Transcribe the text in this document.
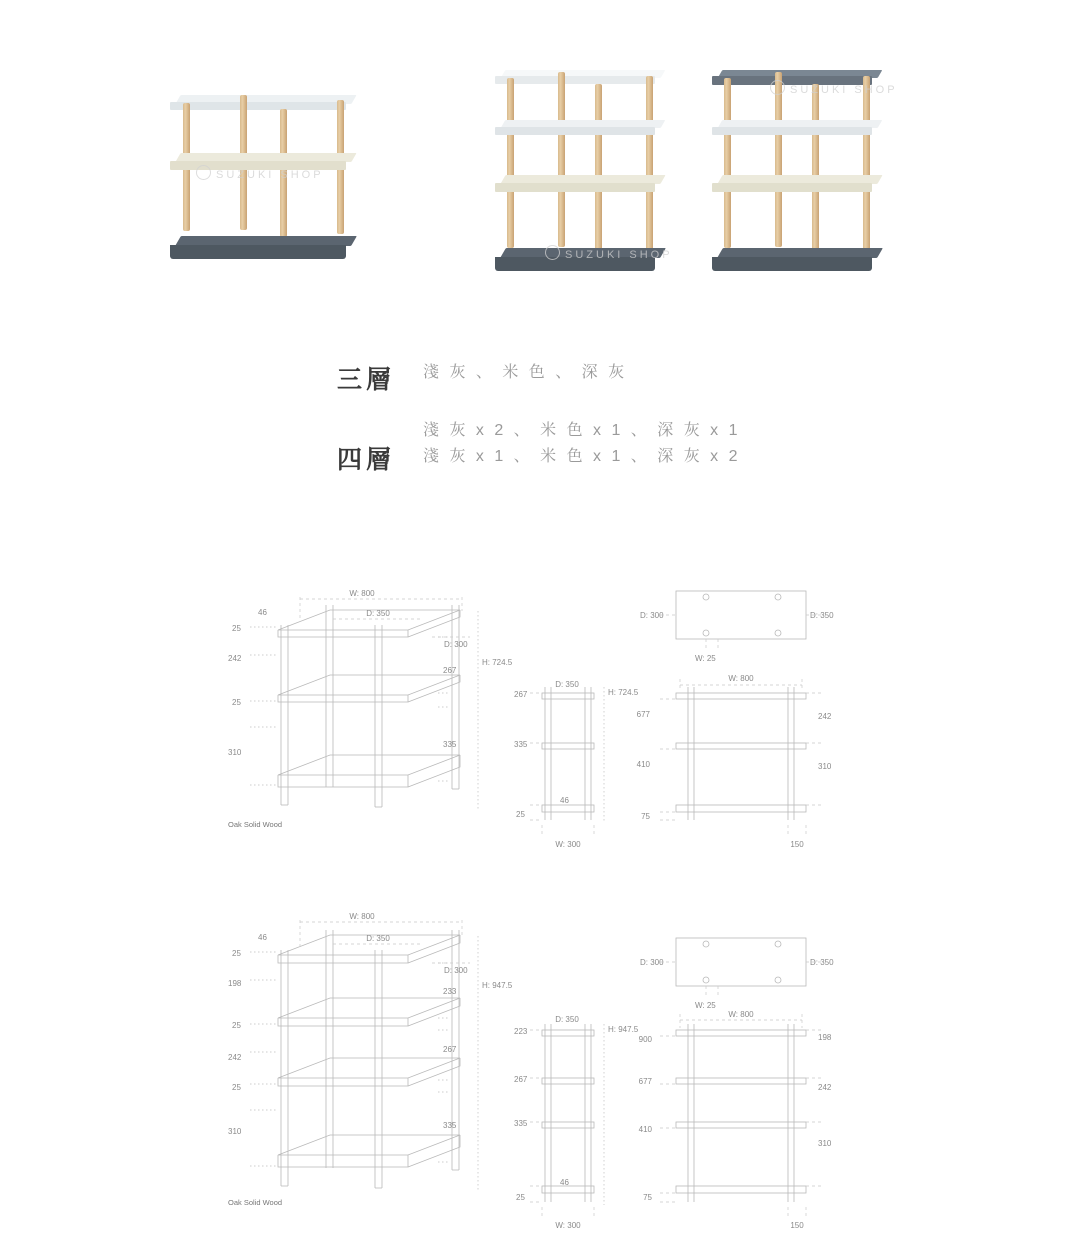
SUZUKI SHOP
SUZUKI SHOP
SUZUKI SHOP
三層	淺 灰 、 米 色 、 深 灰
四層
淺 灰 x 2 、 米 色 x 1 、 深 灰 x 1
淺 灰 x 1 、 米 色 x 1 、 深 灰 x 2
W: 800
D: 350
D: 300
H: 724.5
25
242
25
310
46
267
335
Oak Solid Wood
D: 300	D: 350
W: 25
267
335
25
D: 350
H: 724.5
46
W: 300
W: 800
677
410
75
242
310
150
W: 800
D: 350
D: 300
H: 947.5
25
198
25
242
25
310
46
233
267
335
Oak Solid Wood
D: 300	D: 350
W: 25
223
267
335
25
D: 350
H: 947.5
46
W: 300
W: 800
900
677
410
75
198
242
310
150
